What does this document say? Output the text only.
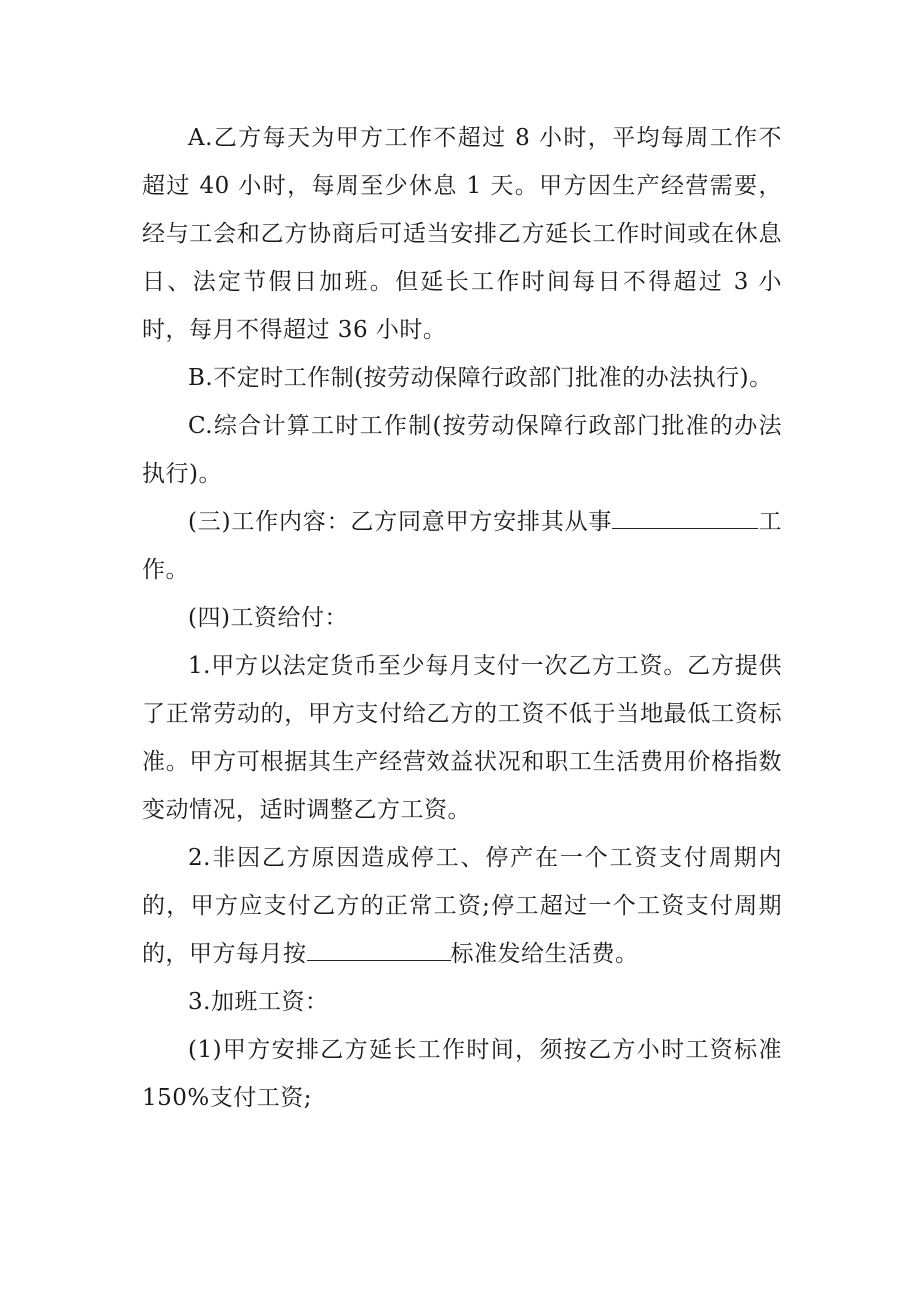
A.乙方每天为甲方工作不超过 8 小时，平均每周工作不超过 40 小时，每周至少休息 1 天。甲方因生产经营需要，经与工会和乙方协商后可适当安排乙方延长工作时间或在休息日、法定节假日加班。但延长工作时间每日不得超过 3 小时，每月不得超过 36 小时。

B.不定时工作制(按劳动保障行政部门批准的办法执行)。

C.综合计算工时工作制(按劳动保障行政部门批准的办法执行)。

(三)工作内容：乙方同意甲方安排其从事	工作。

(四)工资给付：

1.甲方以法定货币至少每月支付一次乙方工资。乙方提供了正常劳动的，甲方支付给乙方的工资不低于当地最低工资标准。甲方可根据其生产经营效益状况和职工生活费用价格指数变动情况，适时调整乙方工资。

2.非因乙方原因造成停工、停产在一个工资支付周期内的，甲方应支付乙方的正常工资;停工超过一个工资支付周期的，甲方每月按	标准发给生活费。

3.加班工资：

(1)甲方安排乙方延长工作时间，须按乙方小时工资标准 150%支付工资;
